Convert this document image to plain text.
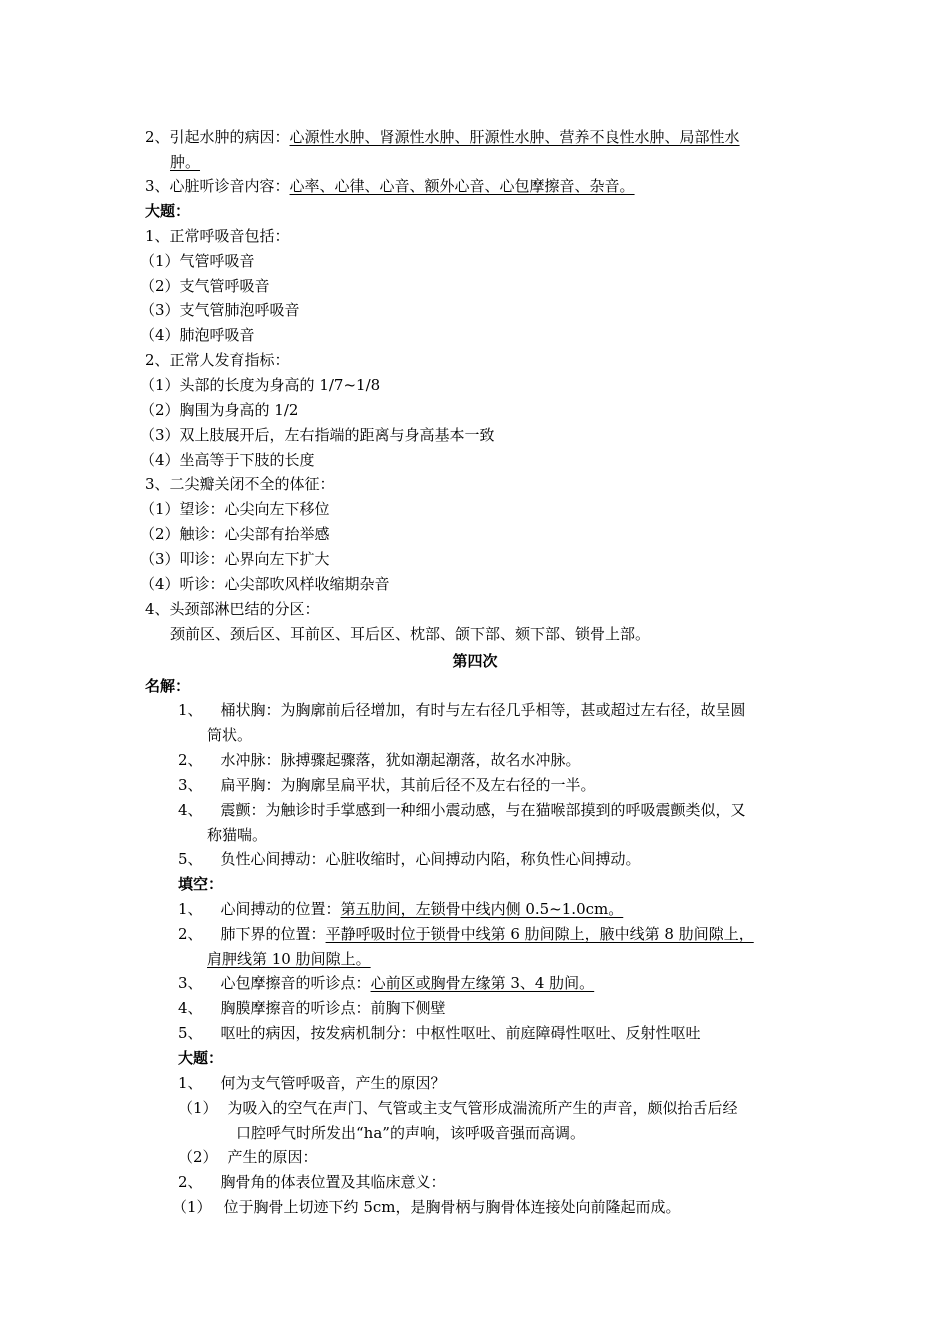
2、引起水肿的病因：心源性水肿、肾源性水肿、肝源性水肿、营养不良性水肿、局部性水
肿。
3、心脏听诊音内容：心率、心律、心音、额外心音、心包摩擦音、杂音。
大题：
1、正常呼吸音包括：
（1）气管呼吸音
（2）支气管呼吸音
（3）支气管肺泡呼吸音
（4）肺泡呼吸音
2、正常人发育指标：
（1）头部的长度为身高的 1/7~1/8
（2）胸围为身高的 1/2
（3）双上肢展开后，左右指端的距离与身高基本一致
（4）坐高等于下肢的长度
3、二尖瓣关闭不全的体征：
（1）望诊：心尖向左下移位
（2）触诊：心尖部有抬举感
（3）叩诊：心界向左下扩大
（4）听诊：心尖部吹风样收缩期杂音
4、头颈部淋巴结的分区：
颈前区、颈后区、耳前区、耳后区、枕部、颌下部、颏下部、锁骨上部。
第四次
名解：
1、 桶状胸：为胸廓前后径增加，有时与左右径几乎相等，甚或超过左右径，故呈圆
筒状。
2、 水冲脉：脉搏骤起骤落，犹如潮起潮落，故名水冲脉。
3、 扁平胸：为胸廓呈扁平状，其前后径不及左右径的一半。
4、 震颤：为触诊时手掌感到一种细小震动感，与在猫喉部摸到的呼吸震颤类似，又
称猫喘。
5、 负性心间搏动：心脏收缩时，心间搏动内陷，称负性心间搏动。
填空：
1、 心间搏动的位置：第五肋间，左锁骨中线内侧 0.5~1.0cm。
2、 肺下界的位置：平静呼吸时位于锁骨中线第 6 肋间隙上，腋中线第 8 肋间隙上，
肩胛线第 10 肋间隙上。
3、 心包摩擦音的听诊点：心前区或胸骨左缘第 3、4 肋间。
4、 胸膜摩擦音的听诊点：前胸下侧壁
5、 呕吐的病因，按发病机制分：中枢性呕吐、前庭障碍性呕吐、反射性呕吐
大题：
1、 何为支气管呼吸音，产生的原因？
（1） 为吸入的空气在声门、气管或主支气管形成湍流所产生的声音，颇似抬舌后经
口腔呼气时所发出“ha”的声响，该呼吸音强而高调。
（2） 产生的原因：
2、 胸骨角的体表位置及其临床意义：
（1） 位于胸骨上切迹下约 5cm，是胸骨柄与胸骨体连接处向前隆起而成。
